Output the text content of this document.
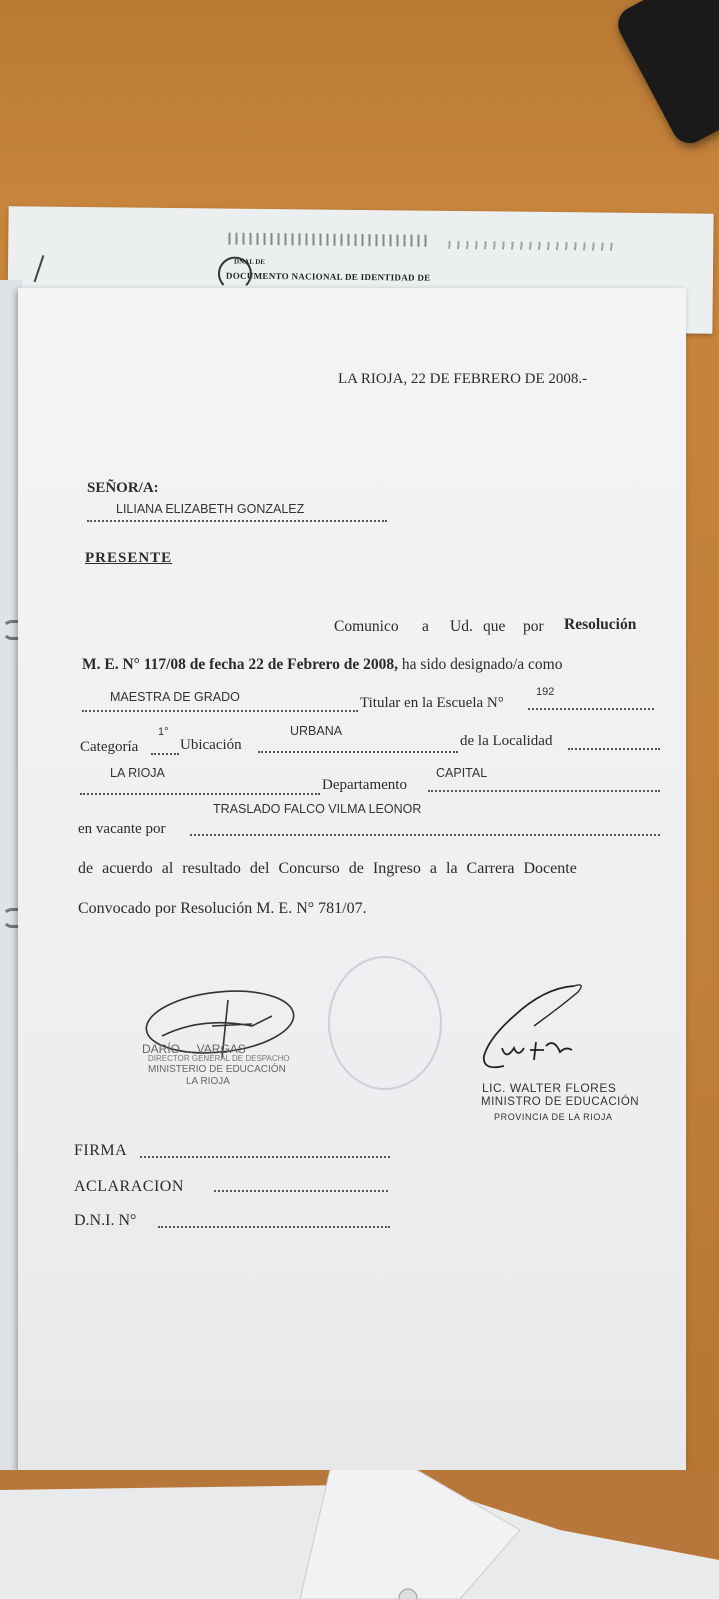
DNAL DE
DOCUMENTO NACIONAL DE IDENTIDAD DE
LA RIOJA, 22 DE FEBRERO DE 2008.-
SEÑOR/A:
LILIANA ELIZABETH GONZALEZ
PRESENTE
Comunico a Ud. que por Resolución
M. E. N° 117/08 de fecha 22 de Febrero de 2008, ha sido designado/a como
MAESTRA DE GRADO	Titular en la Escuela N°
192
Categoría
1°
Ubicación
URBANA
de la Localidad
LA RIOJA
Departamento
CAPITAL
TRASLADO FALCO VILMA LEONOR
en vacante por
de acuerdo al resultado del Concurso de Ingreso a la Carrera Docente
Convocado por Resolución M. E. N° 781/07.
DARÍO ... VARGAS
DIRECTOR GENERAL DE DESPACHO
MINISTERIO DE EDUCACIÓN
LA RIOJA	LIC. WALTER FLORES
MINISTRO DE EDUCACIÓN
PROVINCIA DE LA RIOJA
FIRMA
ACLARACION
D.N.I. N°
